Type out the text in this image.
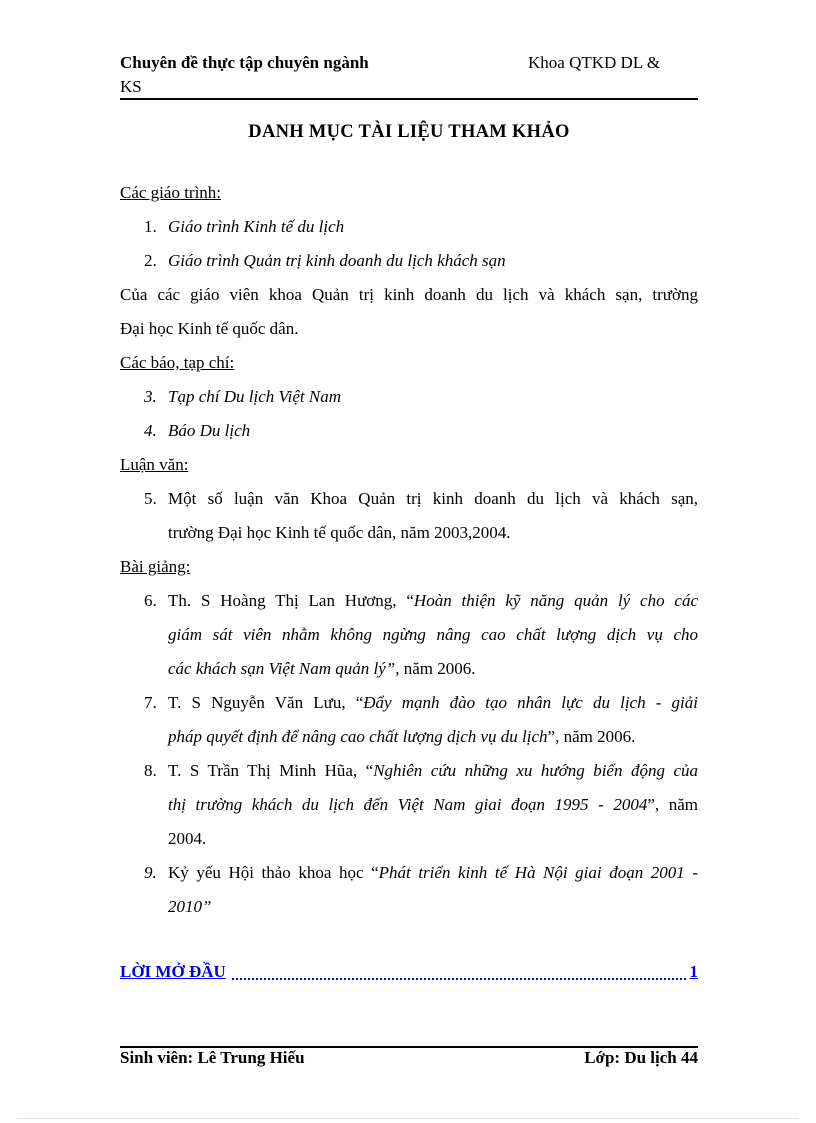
Chuyên đề thực tập chuyên ngành	Khoa QTKD DL &
KS
DANH MỤC TÀI LIỆU THAM KHẢO
Các giáo trình:
1. Giáo trình Kinh tế du lịch
2. Giáo trình Quản trị kinh doanh du lịch khách sạn
Của các giáo viên khoa Quản trị kinh doanh du lịch và khách sạn, trường
Đại học Kinh tế quốc dân.
Các báo, tạp chí:
3. Tạp chí Du lịch Việt Nam
4. Báo Du lịch
Luận văn:
5. Một số luận văn Khoa Quản trị kinh doanh du lịch và khách sạn,
trường Đại học Kinh tế quốc dân, năm 2003,2004.
Bài giảng:
6. Th. S Hoàng Thị Lan Hương, “Hoàn thiện kỹ năng quản lý cho các
giám sát viên nhằm không ngừng nâng cao chất lượng dịch vụ cho
các khách sạn Việt Nam quản lý”, năm 2006.
7. T. S Nguyễn Văn Lưu, “Đẩy mạnh đào tạo nhân lực du lịch - giải
pháp quyết định để nâng cao chất lượng dịch vụ du lịch”, năm 2006.
8. T. S Trần Thị Minh Hũa, “Nghiên cứu những xu hướng biến động của
thị trường khách du lịch đến Việt Nam giai đoạn 1995 - 2004”, năm
2004.
9. Kỷ yếu Hội thảo khoa học “Phát triển kinh tế Hà Nội giai đoạn 2001 -
2010”
LỜI MỞ ĐẦU	1
Sinh viên: Lê Trung Hiếu	Lớp: Du lịch 44
